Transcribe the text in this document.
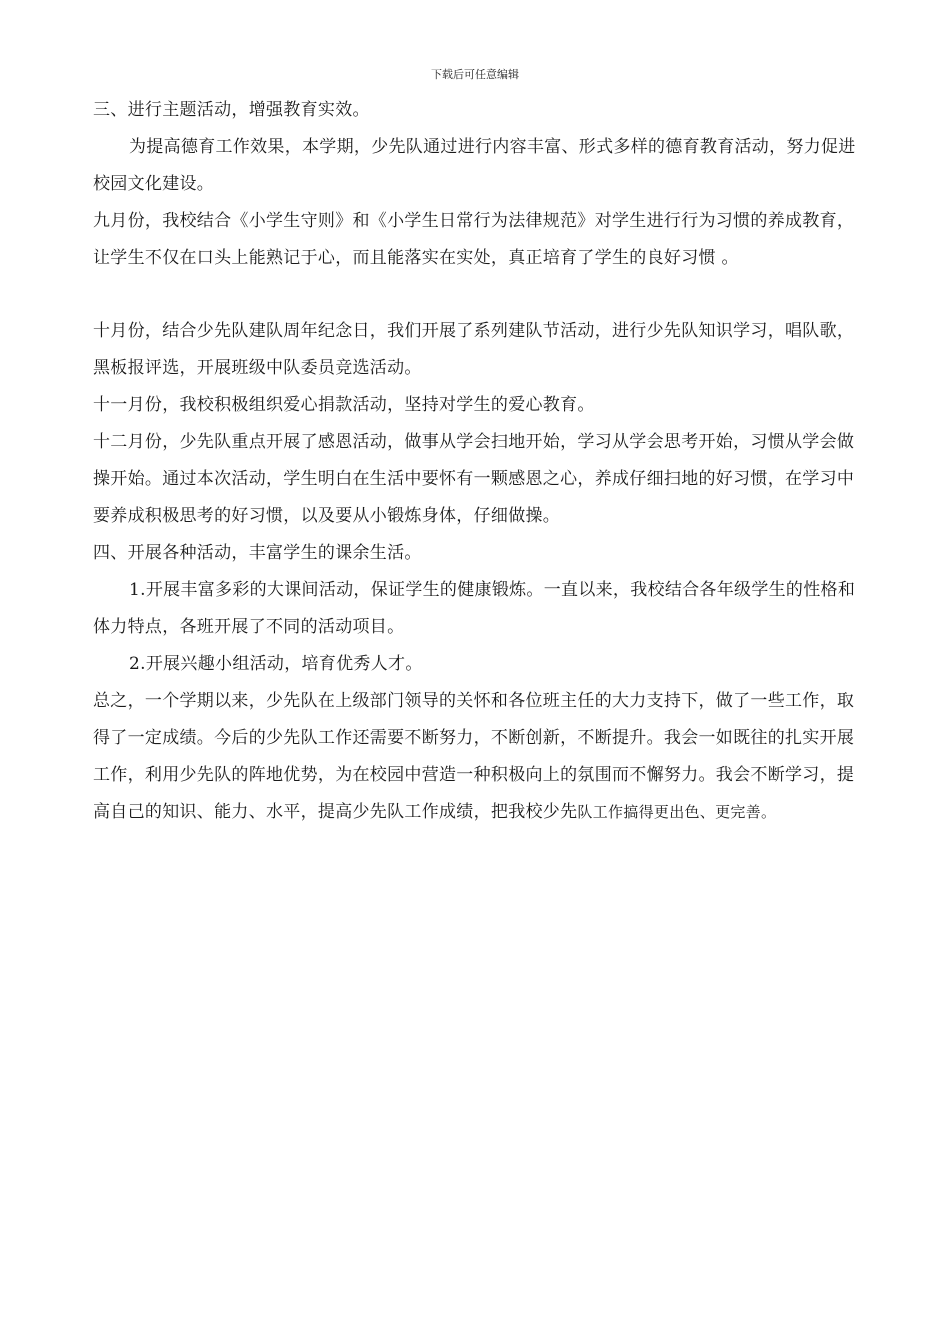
下载后可任意编辑

三、进行主题活动，增强教育实效。

为提高德育工作效果，本学期，少先队通过进行内容丰富、形式多样的德育教育活动，努力促进校园文化建设。

九月份，我校结合《小学生守则》和《小学生日常行为法律规范》对学生进行行为习惯的养成教育，让学生不仅在口头上能熟记于心，而且能落实在实处，真正培育了学生的良好习惯 。

十月份，结合少先队建队周年纪念日，我们开展了系列建队节活动，进行少先队知识学习，唱队歌，黑板报评选，开展班级中队委员竞选活动。

十一月份，我校积极组织爱心捐款活动，坚持对学生的爱心教育。

十二月份，少先队重点开展了感恩活动，做事从学会扫地开始，学习从学会思考开始，习惯从学会做操开始。通过本次活动，学生明白在生活中要怀有一颗感恩之心，养成仔细扫地的好习惯，在学习中要养成积极思考的好习惯，以及要从小锻炼身体，仔细做操。

四、开展各种活动，丰富学生的课余生活。

1.开展丰富多彩的大课间活动，保证学生的健康锻炼。一直以来，我校结合各年级学生的性格和体力特点，各班开展了不同的活动项目。

2.开展兴趣小组活动，培育优秀人才。

总之，一个学期以来，少先队在上级部门领导的关怀和各位班主任的大力支持下，做了一些工作，取得了一定成绩。今后的少先队工作还需要不断努力，不断创新，不断提升。我会一如既往的扎实开展工作，利用少先队的阵地优势，为在校园中营造一种积极向上的氛围而不懈努力。我会不断学习，提高自己的知识、能力、水平，提高少先队工作成绩，把我校少先队工作搞得更出色、更完善。
